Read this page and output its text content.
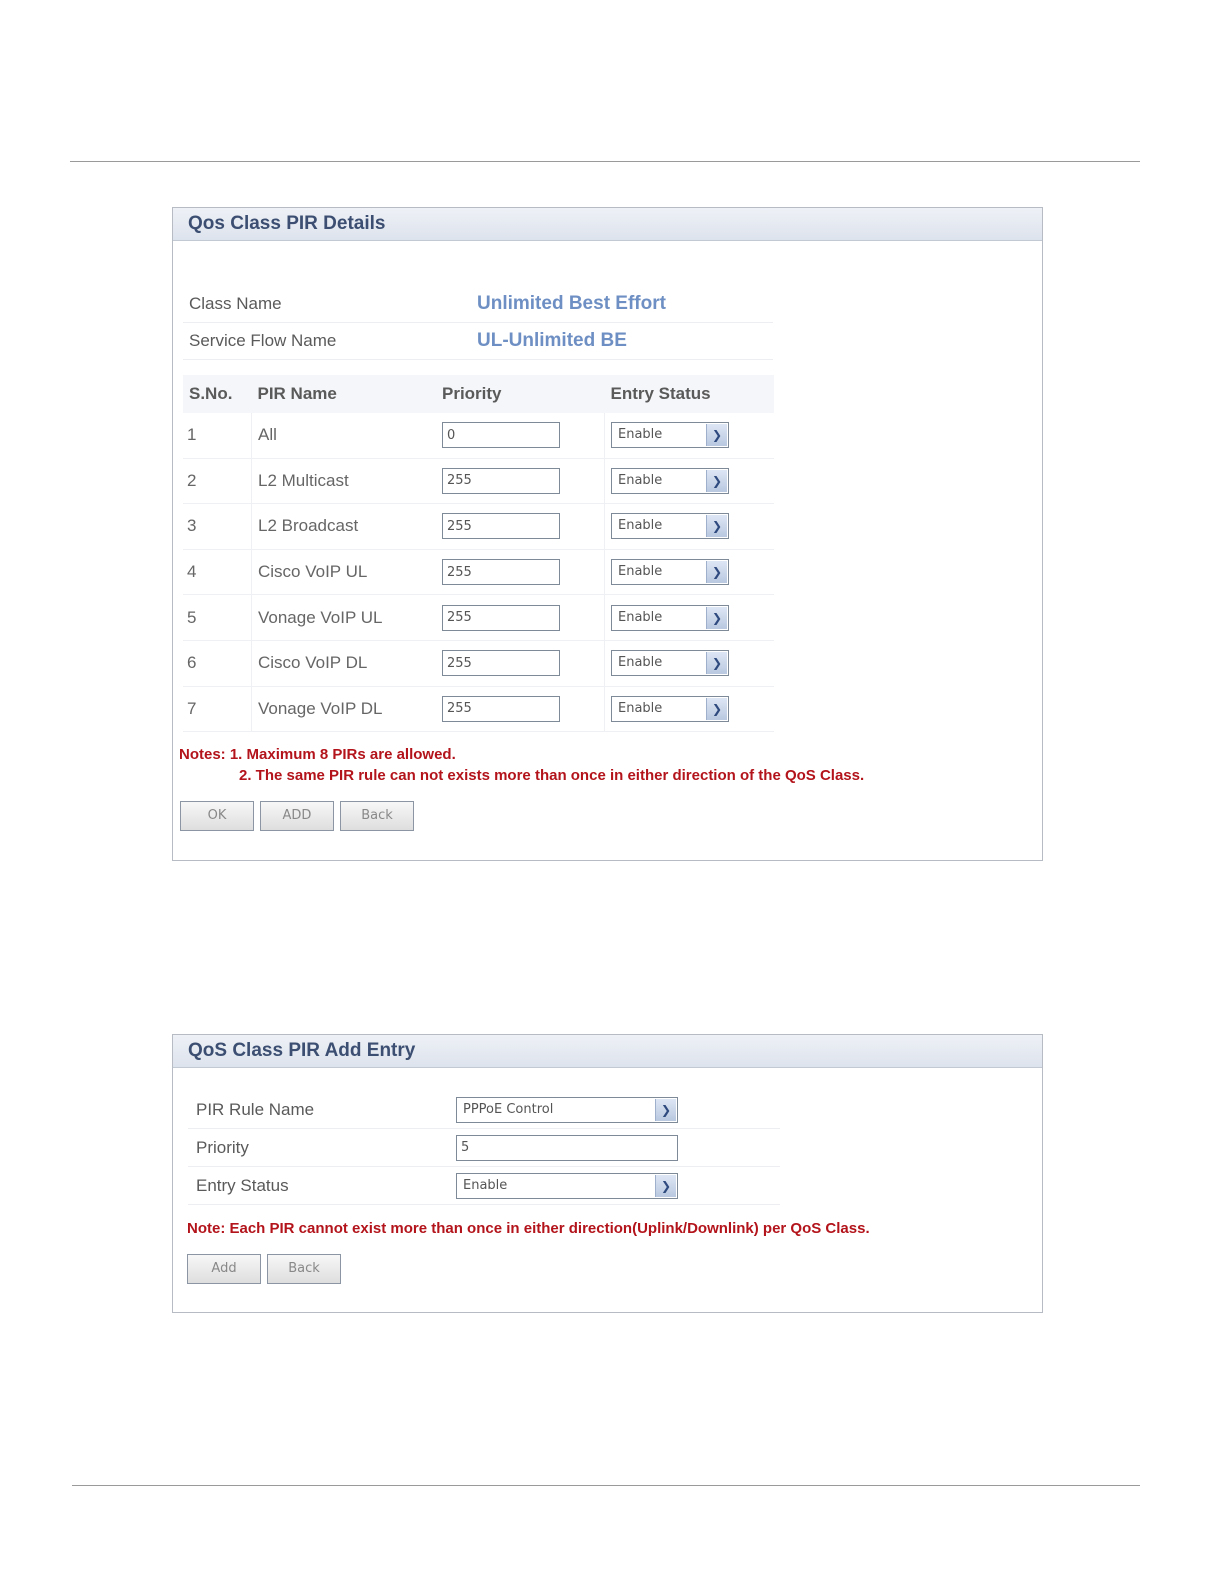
Qos Class PIR Details
Class Name	Unlimited Best Effort
Service Flow Name	UL-Unlimited BE
S.No.	PIR Name	Priority	Entry Status
1	All	0	Enable ❯

2	L2 Multicast	255	Enable ❯

3	L2 Broadcast	255	Enable ❯

4	Cisco VoIP UL	255	Enable ❯

5	Vonage VoIP UL	255	Enable ❯

6	Cisco VoIP DL	255	Enable ❯

7	Vonage VoIP DL	255	Enable ❯
Notes: 1. Maximum 8 PIRs are allowed.
2. The same PIR rule can not exists more than once in either direction of the QoS Class.
OK	ADD	Back
QoS Class PIR Add Entry
PIR Rule Name	PPPoE Control ❯

Priority	5
Entry Status	Enable ❯
Note: Each PIR cannot exist more than once in either direction(Uplink/Downlink) per QoS Class.
Add	Back
